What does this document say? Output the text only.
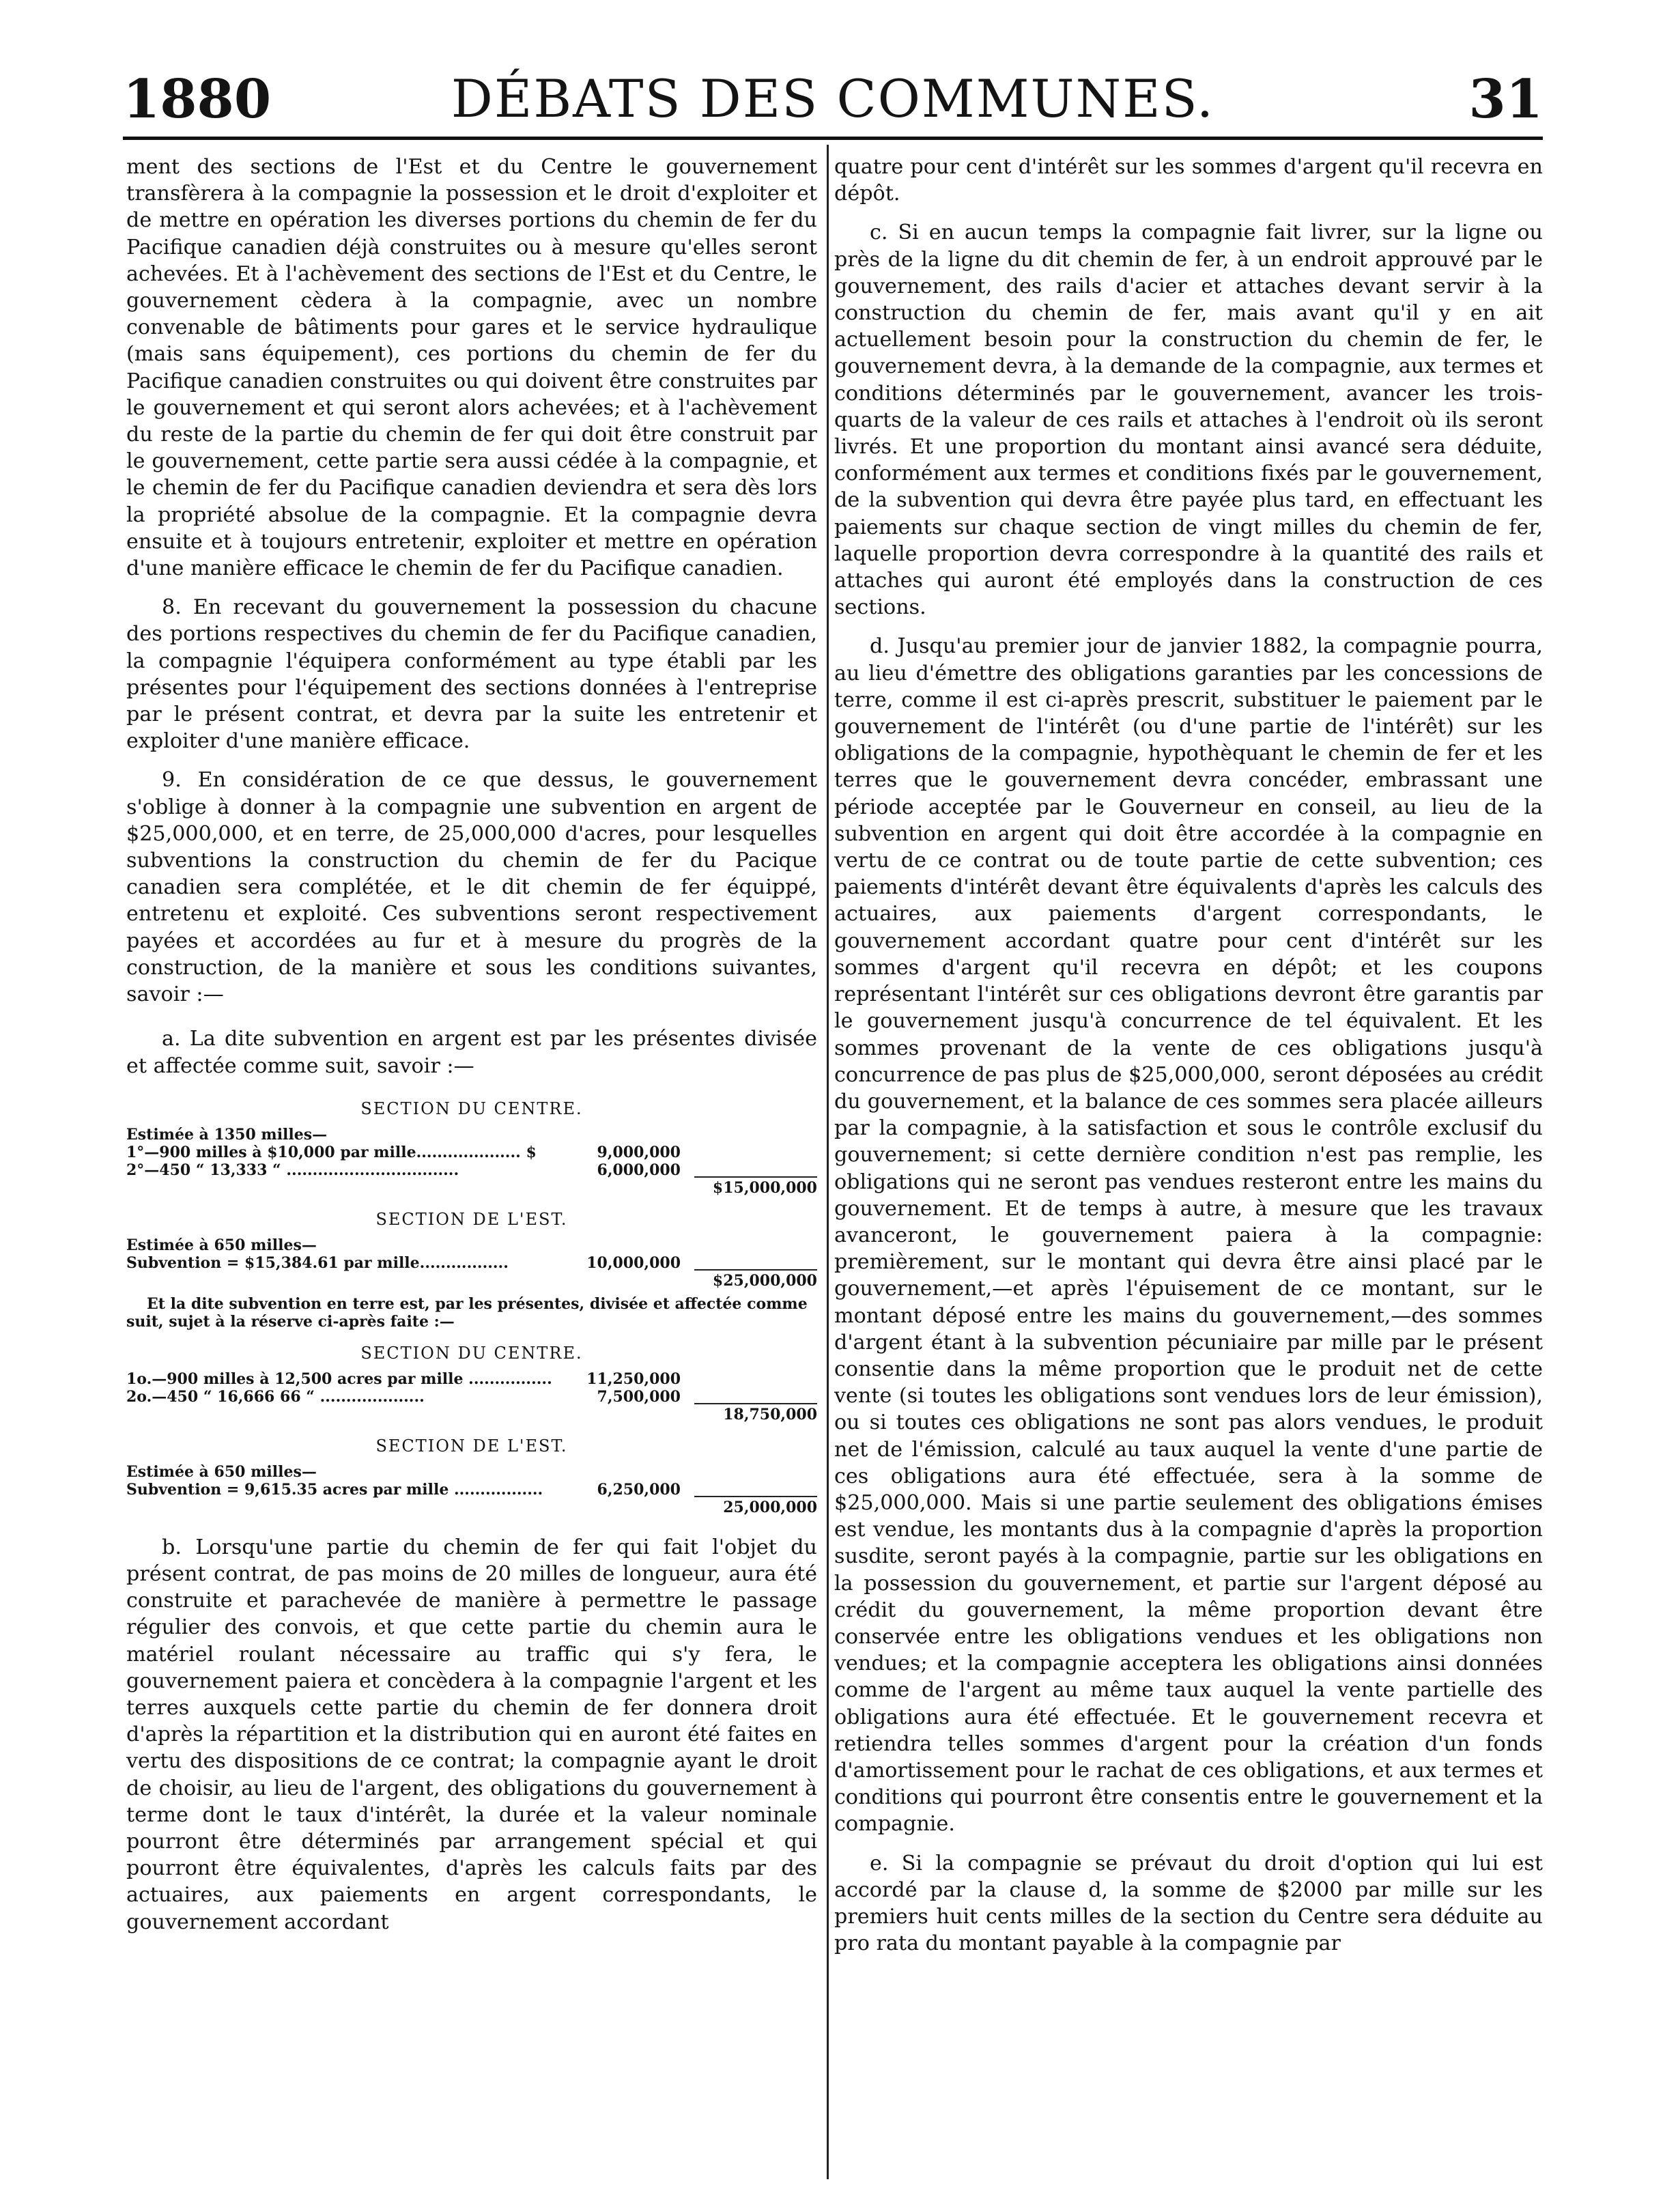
1880	DÉBATS DES COMMUNES.	31

ment des sections de l'Est et du Centre le gouvernement transfèrera à la compagnie la possession et le droit d'exploiter et de mettre en opération les diverses portions du chemin de fer du Pacifique canadien déjà construites ou à mesure qu'elles seront achevées. Et à l'achèvement des sections de l'Est et du Centre, le gouvernement cèdera à la compagnie, avec un nombre convenable de bâtiments pour gares et le service hydraulique (mais sans équipement), ces portions du chemin de fer du Pacifique canadien construites ou qui doivent être construites par le gouvernement et qui seront alors achevées; et à l'achèvement du reste de la partie du chemin de fer qui doit être construit par le gouvernement, cette partie sera aussi cédée à la compagnie, et le chemin de fer du Pacifique canadien deviendra et sera dès lors la propriété absolue de la compagnie. Et la compagnie devra ensuite et à toujours entretenir, exploiter et mettre en opération d'une manière efficace le chemin de fer du Pacifique canadien.

8. En recevant du gouvernement la possession du chacune des portions respectives du chemin de fer du Pacifique canadien, la compagnie l'équipera conformément au type établi par les présentes pour l'équipement des sections données à l'entreprise par le présent contrat, et devra par la suite les entretenir et exploiter d'une manière efficace.

9. En considération de ce que dessus, le gouvernement s'oblige à donner à la compagnie une subvention en argent de $25,000,000, et en terre, de 25,000,000 d'acres, pour lesquelles subventions la construction du chemin de fer du Pacique canadien sera complétée, et le dit chemin de fer équippé, entretenu et exploité. Ces subventions seront respectivement payées et accordées au fur et à mesure du progrès de la construction, de la manière et sous les conditions suivantes, savoir :—

a. La dite subvention en argent est par les présentes divisée et affectée comme suit, savoir :—

SECTION DU CENTRE.
Estimée à 1350 milles—
1°—900 milles à $10,000 par mille.................... $	9,000,000
2°—450 “ 13,333 “ .................................	6,000,000
$15,000,000
SECTION DE L'EST.
Estimée à 650 milles—
Subvention = $15,384.61 par mille.................	10,000,000
$25,000,000
Et la dite subvention en terre est, par les présentes, divisée et affectée comme suit, sujet à la réserve ci-après faite :—
SECTION DU CENTRE.
1o.—900 milles à 12,500 acres par mille ................ 11,250,000
2o.—450 “ 16,666 66 “ ....................	7,500,000
18,750,000
SECTION DE L'EST.
Estimée à 650 milles—
Subvention = 9,615.35 acres par mille .................	6,250,000
25,000,000

b. Lorsqu'une partie du chemin de fer qui fait l'objet du présent contrat, de pas moins de 20 milles de longueur, aura été construite et parachevée de manière à permettre le passage régulier des convois, et que cette partie du chemin aura le matériel roulant nécessaire au traffic qui s'y fera, le gouvernement paiera et concèdera à la compagnie l'argent et les terres auxquels cette partie du chemin de fer donnera droit d'après la répartition et la distribution qui en auront été faites en vertu des dispositions de ce contrat; la compagnie ayant le droit de choisir, au lieu de l'argent, des obligations du gouvernement à terme dont le taux d'intérêt, la durée et la valeur nominale pourront être déterminés par arrangement spécial et qui pourront être équivalentes, d'après les calculs faits par des actuaires, aux paiements en argent correspondants, le gouvernement accordant

quatre pour cent d'intérêt sur les sommes d'argent qu'il recevra en dépôt.

c. Si en aucun temps la compagnie fait livrer, sur la ligne ou près de la ligne du dit chemin de fer, à un endroit approuvé par le gouvernement, des rails d'acier et attaches devant servir à la construction du chemin de fer, mais avant qu'il y en ait actuellement besoin pour la construction du chemin de fer, le gouvernement devra, à la demande de la compagnie, aux termes et conditions déterminés par le gouvernement, avancer les trois-quarts de la valeur de ces rails et attaches à l'endroit où ils seront livrés. Et une proportion du montant ainsi avancé sera déduite, conformément aux termes et conditions fixés par le gouvernement, de la subvention qui devra être payée plus tard, en effectuant les paiements sur chaque section de vingt milles du chemin de fer, laquelle proportion devra correspondre à la quantité des rails et attaches qui auront été employés dans la construction de ces sections.

d. Jusqu'au premier jour de janvier 1882, la compagnie pourra, au lieu d'émettre des obligations garanties par les concessions de terre, comme il est ci-après prescrit, substituer le paiement par le gouvernement de l'intérêt (ou d'une partie de l'intérêt) sur les obligations de la compagnie, hypothèquant le chemin de fer et les terres que le gouvernement devra concéder, embrassant une période acceptée par le Gouverneur en conseil, au lieu de la subvention en argent qui doit être accordée à la compagnie en vertu de ce contrat ou de toute partie de cette subvention; ces paiements d'intérêt devant être équivalents d'après les calculs des actuaires, aux paiements d'argent correspondants, le gouvernement accordant quatre pour cent d'intérêt sur les sommes d'argent qu'il recevra en dépôt; et les coupons représentant l'intérêt sur ces obligations devront être garantis par le gouvernement jusqu'à concurrence de tel équivalent. Et les sommes provenant de la vente de ces obligations jusqu'à concurrence de pas plus de $25,000,000, seront déposées au crédit du gouvernement, et la balance de ces sommes sera placée ailleurs par la compagnie, à la satisfaction et sous le contrôle exclusif du gouvernement; si cette dernière condition n'est pas remplie, les obligations qui ne seront pas vendues resteront entre les mains du gouvernement. Et de temps à autre, à mesure que les travaux avanceront, le gouvernement paiera à la compagnie: premièrement, sur le montant qui devra être ainsi placé par le gouvernement,—et après l'épuisement de ce montant, sur le montant déposé entre les mains du gouvernement,—des sommes d'argent étant à la subvention pécuniaire par mille par le présent consentie dans la même proportion que le produit net de cette vente (si toutes les obligations sont vendues lors de leur émission), ou si toutes ces obligations ne sont pas alors vendues, le produit net de l'émission, calculé au taux auquel la vente d'une partie de ces obligations aura été effectuée, sera à la somme de $25,000,000. Mais si une partie seulement des obligations émises est vendue, les montants dus à la compagnie d'après la proportion susdite, seront payés à la compagnie, partie sur les obligations en la possession du gouvernement, et partie sur l'argent déposé au crédit du gouvernement, la même proportion devant être conservée entre les obligations vendues et les obligations non vendues; et la compagnie acceptera les obligations ainsi données comme de l'argent au même taux auquel la vente partielle des obligations aura été effectuée. Et le gouvernement recevra et retiendra telles sommes d'argent pour la création d'un fonds d'amortissement pour le rachat de ces obligations, et aux termes et conditions qui pourront être consentis entre le gouvernement et la compagnie.

e. Si la compagnie se prévaut du droit d'option qui lui est accordé par la clause d, la somme de $2000 par mille sur les premiers huit cents milles de la section du Centre sera déduite au pro rata du montant payable à la compagnie par
